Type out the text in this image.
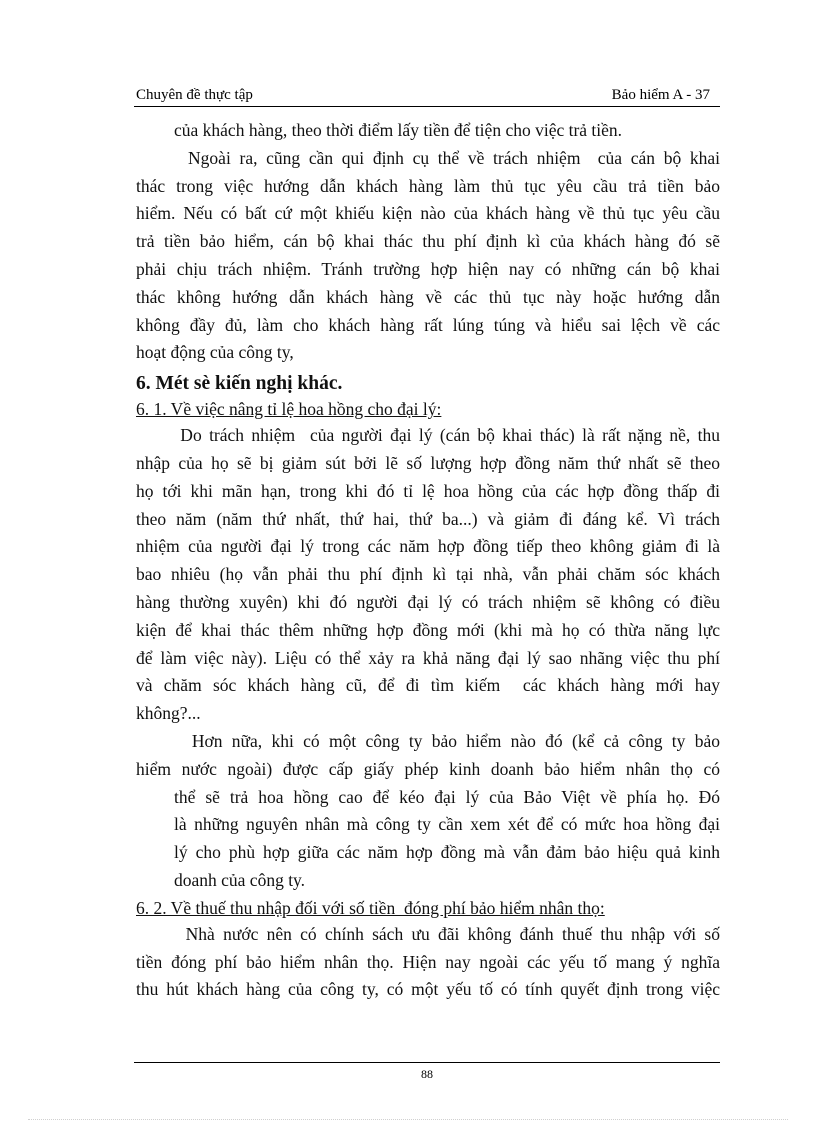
Chuyên đề thực tập	Bảo hiểm A - 37
của khách hàng, theo thời điểm lấy tiền để tiện cho việc trả tiền.
Ngoài ra, cũng cần qui định cụ thể về trách nhiệm  của cán bộ khai
thác trong việc hướng dẫn khách hàng làm thủ tục yêu cầu trả tiền bảo
hiểm. Nếu có bất cứ một khiếu kiện nào của khách hàng về thủ tục yêu cầu
trả tiền bảo hiểm, cán bộ khai thác thu phí định kì của khách hàng đó sẽ
phải chịu trách nhiệm. Tránh trường hợp hiện nay có những cán bộ khai
thác không hướng dẫn khách hàng về các thủ tục này hoặc hướng dẫn
không đầy đủ, làm cho khách hàng rất lúng túng và hiểu sai lệch về các
hoạt động của công ty,
6. Mét sè kiến nghị khác.
6. 1. Về việc nâng tỉ lệ hoa hồng cho đại lý:
Do trách nhiệm  của người đại lý (cán bộ khai thác) là rất nặng nề, thu
nhập của họ sẽ bị giảm sút bởi lẽ số lượng hợp đồng năm thứ nhất sẽ theo
họ tới khi mãn hạn, trong khi đó tỉ lệ hoa hồng của các hợp đồng thấp đi
theo năm (năm thứ nhất, thứ hai, thứ ba...) và giảm đi đáng kể. Vì trách
nhiệm của người đại lý trong các năm hợp đồng tiếp theo không giảm đi là
bao nhiêu (họ vẫn phải thu phí định kì tại nhà, vẫn phải chăm sóc khách
hàng thường xuyên) khi đó người đại lý có trách nhiệm sẽ không có điều
kiện để khai thác thêm những hợp đồng mới (khi mà họ có thừa năng lực
để làm việc này). Liệu có thể xảy ra khả năng đại lý sao nhãng việc thu phí
và chăm sóc khách hàng cũ, để đi tìm kiếm  các khách hàng mới hay
không?...
Hơn nữa, khi có một công ty bảo hiểm nào đó (kể cả công ty bảo
hiểm nước ngoài) được cấp giấy phép kinh doanh bảo hiểm nhân thọ có
thể sẽ trả hoa hồng cao để kéo đại lý của Bảo Việt về phía họ. Đó
là những nguyên nhân mà công ty cần xem xét để có mức hoa hồng đại
lý cho phù hợp giữa các năm hợp đồng mà vẫn đảm bảo hiệu quả kinh
doanh của công ty.
6. 2. Về thuế thu nhập đối với số tiền  đóng phí bảo hiểm nhân thọ:
Nhà nước nên có chính sách ưu đãi không đánh thuế thu nhập với số
tiền đóng phí bảo hiểm nhân thọ. Hiện nay ngoài các yếu tố mang ý nghĩa
thu hút khách hàng của công ty, có một yếu tố có tính quyết định trong việc
88
